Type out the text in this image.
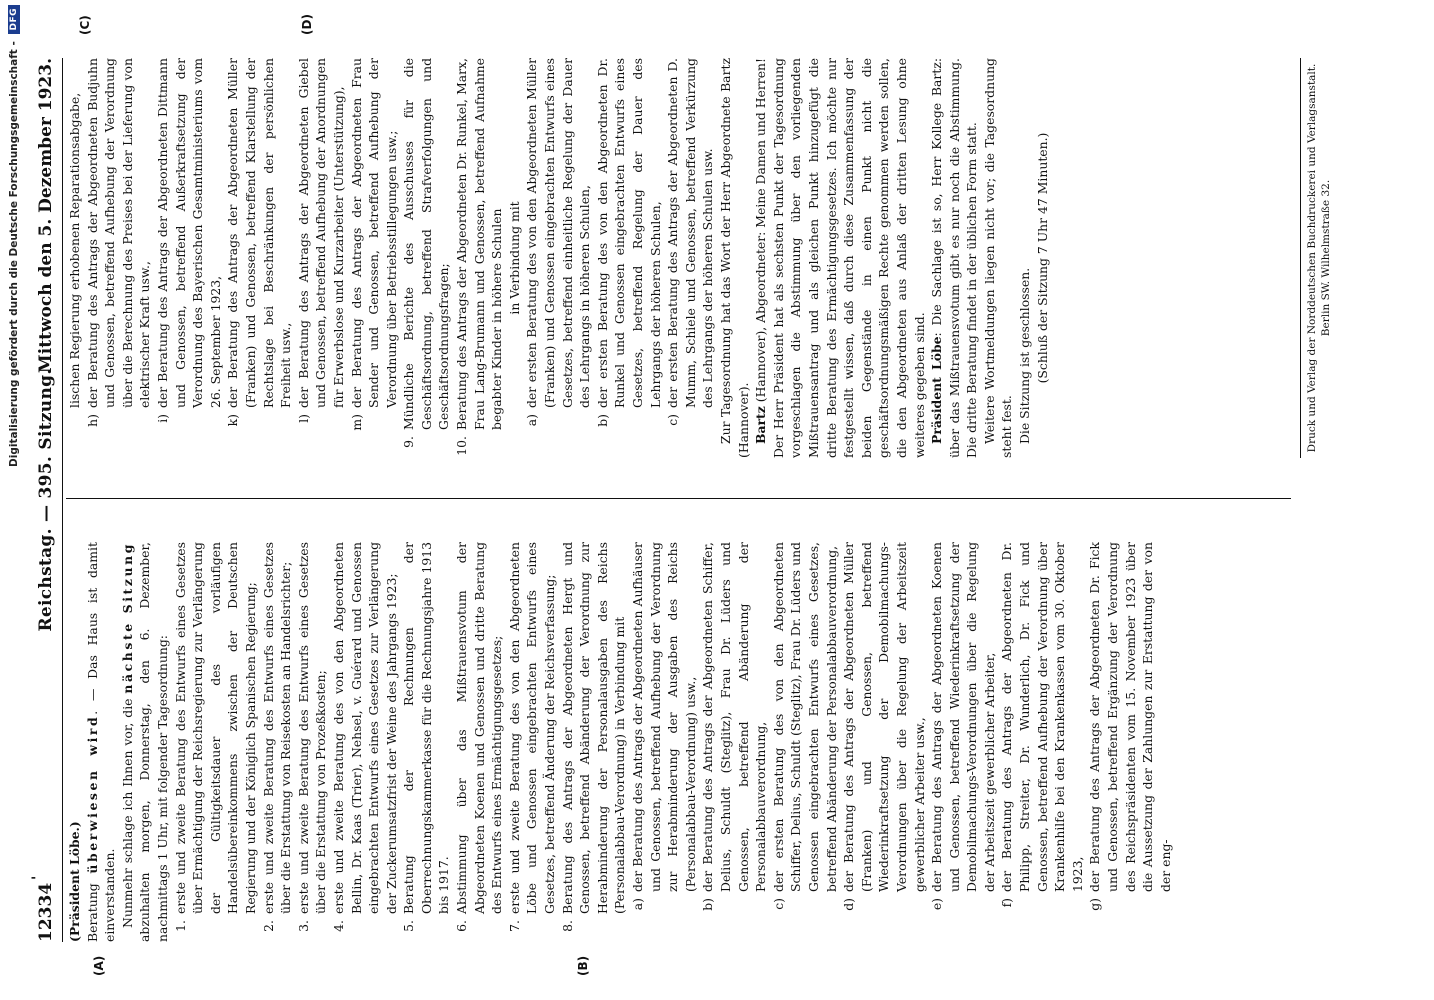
Digitalisierung gefördert durch die Deutsche Forschungsgemeinschaft - DFG
12334
'
Reichstag. — 395. Sitzung.
Mittwoch den 5. Dezember 1923.
(A)	(B)
(C)	(D)

(Präsident Löbe.) Beratung überwiesen wird. — Das Haus ist damit einverstanden. Nunmehr schlage ich Ihnen vor, die nächste Sitzung abzuhalten morgen, Donnerstag, den 6. Dezember, nachmittags 1 Uhr, mit folgender Tagesordnung: 1.
erste und zweite Beratung des Entwurfs eines Gesetzes über Ermächtigung der Reichsregierung zur Verlängerung der Gültigkeitsdauer des vorläufigen Handelsübereinkommens zwischen der Deutschen Regierung und der Königlich Spanischen Regierung;
2.
erste und zweite Beratung des Entwurfs eines Gesetzes über die Erstattung von Reisekosten an Handelsrichter;
3.
erste und zweite Beratung des Entwurfs eines Gesetzes über die Erstattung von Prozeßkosten;
4.
erste und zweite Beratung des von den Abgeordneten Bellin, Dr. Kaas (Trier), Nehsel, v. Guérard und Genossen eingebrachten Entwurfs eines Gesetzes zur Verlängerung der Zuckerumsatzfrist der Weine des Jahrgangs 1923;
5.
Beratung der Rechnungen der Oberrechnungskammerkasse für die Rechnungsjahre 1913 bis 1917.
6.
Abstimmung über das Mißtrauensvotum der Abgeordneten Koenen und Genossen und dritte Beratung des Entwurfs eines Ermächtigungsgesetzes;
7.
erste und zweite Beratung des von den Abgeordneten Löbe und Genossen eingebrachten Entwurfs eines Gesetzes, betreffend Änderung der Reichsverfassung;
8.
Beratung des Antrags der Abgeordneten Hergt und Genossen, betreffend Abänderung der Verordnung zur Herabminderung der Personalausgaben des Reichs (Personalabbau-Verordnung) in Verbindung mit a)
der Beratung des Antrags der Abgeordneten Aufhäuser und Genossen, betreffend Aufhebung der Verordnung zur Herabminderung der Ausgaben des Reichs (Personalabbau-Verordnung) usw.,
b)
der Beratung des Antrags der Abgeordneten Schiffer, Delius, Schuldt (Steglitz), Frau Dr. Lüders und Genossen, betreffend Abänderung der Personalabbauverordnung,
c)
der ersten Beratung des von den Abgeordneten Schiffer, Delius, Schuldt (Steglitz), Frau Dr. Lüders und Genossen eingebrachten Entwurfs eines Gesetzes, betreffend Abänderung der Personalabbauverordnung,
d)
der Beratung des Antrags der Abgeordneten Müller (Franken) und Genossen, betreffend Wiederinkraftsetzung der Demobilmachungs-Verordnungen über die Regelung der Arbeitszeit gewerblicher Arbeiter usw.,
e)
der Beratung des Antrags der Abgeordneten Koenen und Genossen, betreffend Wiederinkraftsetzung der Demobilmachungs-Verordnungen über die Regelung der Arbeitszeit gewerblicher Arbeiter,
f)
der Beratung des Antrags der Abgeordneten Dr. Philipp, Streiter, Dr. Wunderlich, Dr. Fick und Genossen, betreffend Aufhebung der Verordnung über Krankenhilfe bei den Krankenkassen vom 30. Oktober 1923,
g)
der Beratung des Antrags der Abgeordneten Dr. Fick und Genossen, betreffend Ergänzung der Verordnung des Reichspräsidenten vom 15. November 1923 über die Aussetzung der Zahlungen zur Erstattung der von der eng-
lischen Regierung erhobenen Reparationsabgabe,
h)
der Beratung des Antrags der Abgeordneten Budjuhn und Genossen, betreffend Aufhebung der Verordnung über die Berechnung des Preises bei der Lieferung von elektrischer Kraft usw.,
i)
der Beratung des Antrags der Abgeordneten Dittmann und Genossen, betreffend Außerkraftsetzung der Verordnung des Bayerischen Gesamtministeriums vom 26. September 1923,
k)
der Beratung des Antrags der Abgeordneten Müller (Franken) und Genossen, betreffend Klarstellung der Rechtslage bei Beschränkungen der persönlichen Freiheit usw.,
l)
der Beratung des Antrags der Abgeordneten Giebel und Genossen, betreffend Aufhebung der Anordnungen für Erwerbslose und Kurzarbeiter (Unterstützung),
m)
der Beratung des Antrags der Abgeordneten Frau Sender und Genossen, betreffend Aufhebung der Verordnung über Betriebsstillegungen usw.;
9.
Mündliche Berichte des Ausschusses für die Geschäftsordnung, betreffend Strafverfolgungen und Geschäftsordnungsfragen;
10.
Beratung des Antrags der Abgeordneten Dr. Runkel, Marx, Frau Lang-Brumann und Genossen, betreffend Aufnahme begabter Kinder in höhere Schulen in Verbindung mit

a)
der ersten Beratung des von den Abgeordneten Müller (Franken) und Genossen eingebrachten Entwurfs eines Gesetzes, betreffend einheitliche Regelung der Dauer des Lehrgangs in höheren Schulen,
b)
der ersten Beratung des von den Abgeordneten Dr. Runkel und Genossen eingebrachten Entwurfs eines Gesetzes, betreffend Regelung der Dauer des Lehrgangs der höheren Schulen,
c)
der ersten Beratung des Antrags der Abgeordneten D. Mumm, Schiele und Genossen, betreffend Verkürzung des Lehrgangs der höheren Schulen usw. Zur Tagesordnung hat das Wort der Herr Abgeordnete Bartz (Hannover). Bartz (Hannover), Abgeordneter: Meine Damen und Herren! Der Herr Präsident hat als sechsten Punkt der Tagesordnung vorgeschlagen die Abstimmung über den vorliegenden Mißtrauensantrag und als gleichen Punkt hinzugefügt die dritte Beratung des Ermächtigungsgesetzes. Ich möchte nur festgestellt wissen, daß durch diese Zusammenfassung der beiden Gegenstände in einen Punkt nicht die geschäftsordnungsmäßigen Rechte genommen werden sollen, die den Abgeordneten aus Anlaß der dritten Lesung ohne weiteres gegeben sind. Präsident Löbe: Die Sachlage ist so, Herr Kollege Bartz: über das Mißtrauensvotum gibt es nur noch die Abstimmung. Die dritte Beratung findet in der üblichen Form statt. Weitere Wortmeldungen liegen nicht vor; die Tagesordnung steht fest. Die Sitzung ist geschlossen. (Schluß der Sitzung 7 Uhr 47 Minuten.)	Druck und Verlag der Norddeutschen Buchdruckerei und Verlagsanstalt. Berlin SW. Wilhelmstraße 32.
